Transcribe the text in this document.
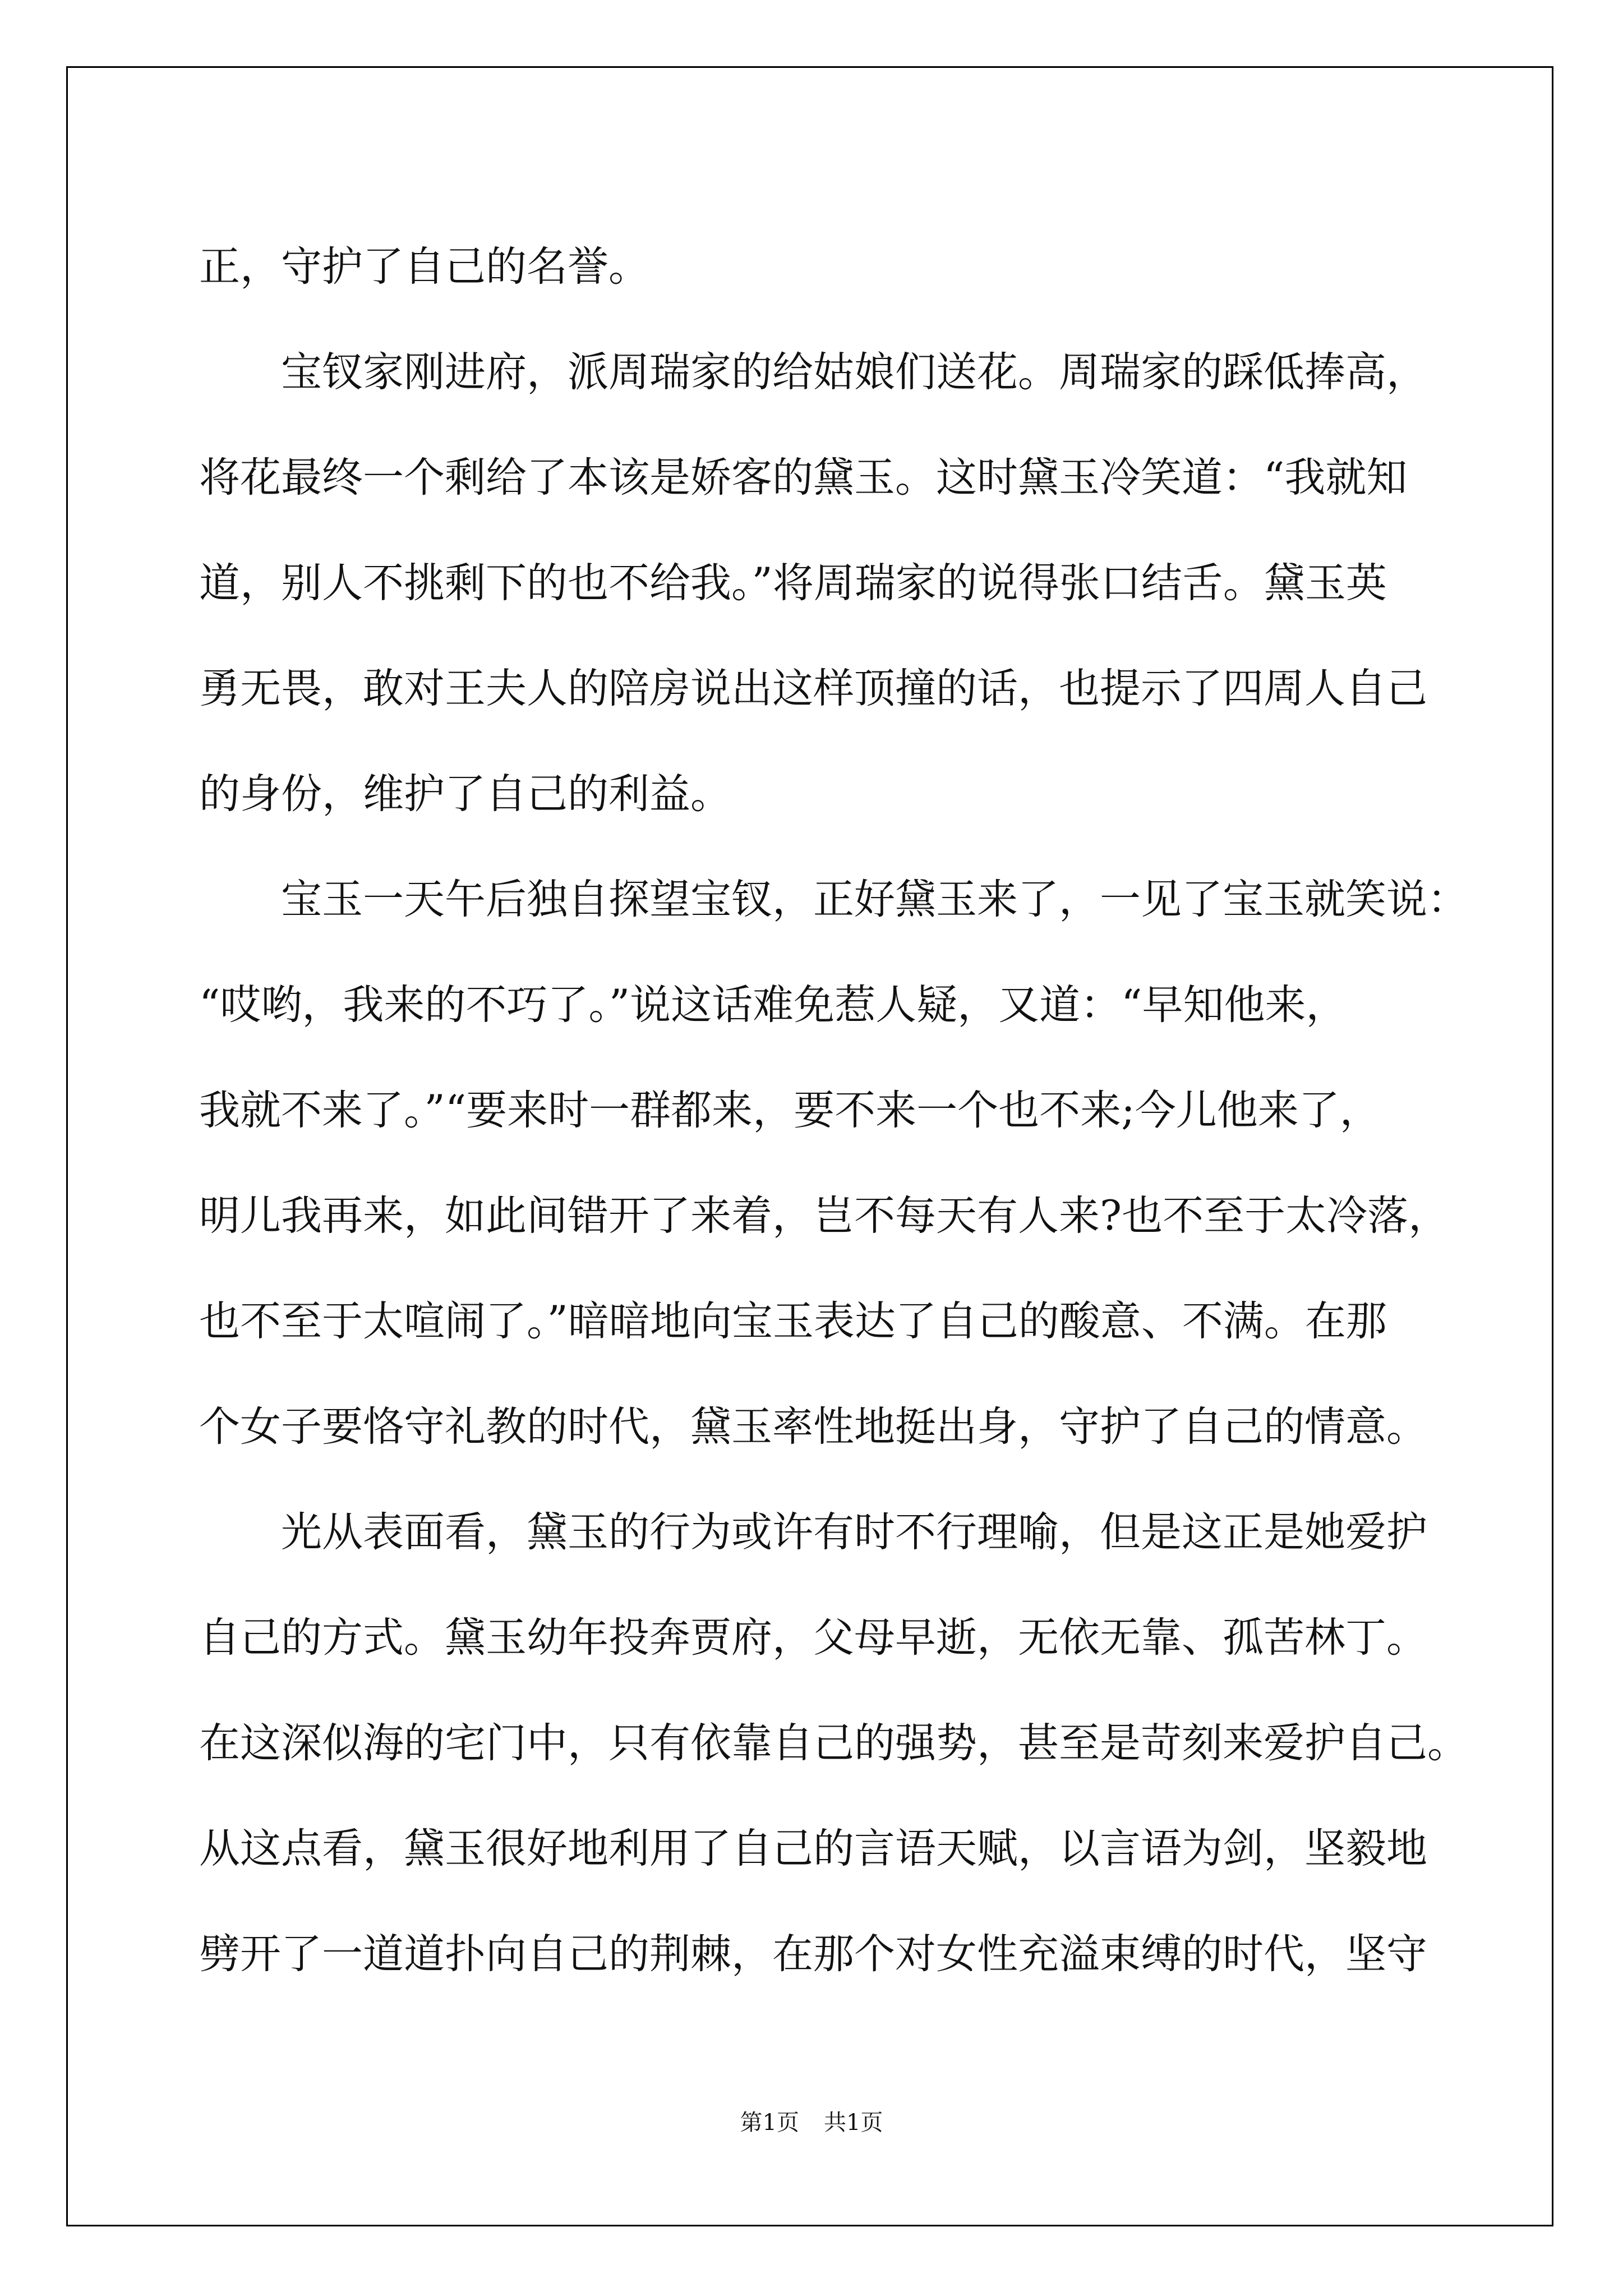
正，守护了自己的名誉。
宝钗家刚进府，派周瑞家的给姑娘们送花。周瑞家的踩低捧高，
将花最终一个剩给了本该是娇客的黛玉。这时黛玉冷笑道：“我就知
道，别人不挑剩下的也不给我。”将周瑞家的说得张口结舌。黛玉英
勇无畏，敢对王夫人的陪房说出这样顶撞的话，也提示了四周人自己
的身份，维护了自己的利益。
宝玉一天午后独自探望宝钗，正好黛玉来了，一见了宝玉就笑说：
“哎哟，我来的不巧了。”说这话难免惹人疑，又道：“早知他来，
我就不来了。”“要来时一群都来，要不来一个也不来;今儿他来了，
明儿我再来，如此间错开了来着，岂不每天有人来?也不至于太冷落，
也不至于太喧闹了。”暗暗地向宝玉表达了自己的酸意、不满。在那
个女子要恪守礼教的时代，黛玉率性地挺出身，守护了自己的情意。
光从表面看，黛玉的行为或许有时不行理喻，但是这正是她爱护
自己的方式。黛玉幼年投奔贾府，父母早逝，无依无靠、孤苦林丁。
在这深似海的宅门中，只有依靠自己的强势，甚至是苛刻来爱护自己。
从这点看，黛玉很好地利用了自己的言语天赋，以言语为剑，坚毅地
劈开了一道道扑向自己的荆棘，在那个对女性充溢束缚的时代，坚守
第1页 共1页
